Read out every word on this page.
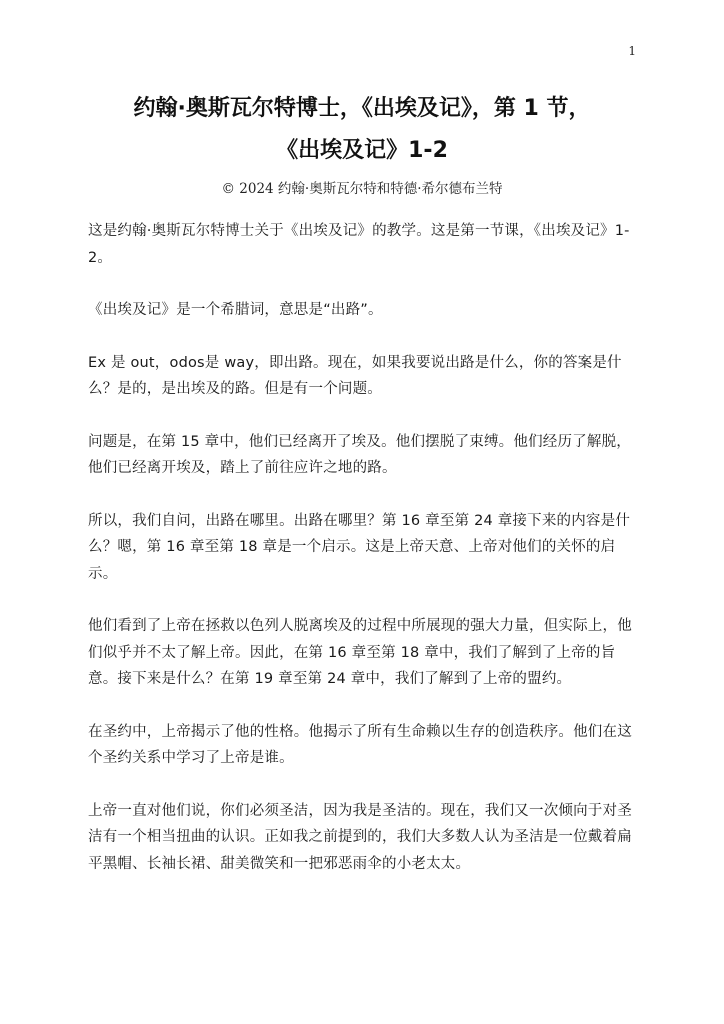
1
约翰·奥斯瓦尔特博士，《出埃及记》，第 1 节，
《出埃及记》1-2
© 2024 约翰·奥斯瓦尔特和特德·希尔德布兰特

这是约翰·奥斯瓦尔特博士关于《出埃及记》的教学。这是第一节课，《出埃及记》1-2。

《出埃及记》是一个希腊词，意思是“出路”。

Ex 是 out，odos是 way，即出路。现在，如果我要说出路是什么，你的答案是什么？是的，是出埃及的路。但是有一个问题。

问题是，在第 15 章中，他们已经离开了埃及。他们摆脱了束缚。他们经历了解脱，他们已经离开埃及，踏上了前往应许之地的路。

所以，我们自问，出路在哪里。出路在哪里？第 16 章至第 24 章接下来的内容是什么？嗯，第 16 章至第 18 章是一个启示。这是上帝天意、上帝对他们的关怀的启示。

他们看到了上帝在拯救以色列人脱离埃及的过程中所展现的强大力量，但实际上，他们似乎并不太了解上帝。因此，在第 16 章至第 18 章中，我们了解到了上帝的旨意。接下来是什么？在第 19 章至第 24 章中，我们了解到了上帝的盟约。

在圣约中，上帝揭示了他的性格。他揭示了所有生命赖以生存的创造秩序。他们在这个圣约关系中学习了上帝是谁。

上帝一直对他们说，你们必须圣洁，因为我是圣洁的。现在，我们又一次倾向于对圣洁有一个相当扭曲的认识。正如我之前提到的，我们大多数人认为圣洁是一位戴着扁平黑帽、长袖长裙、甜美微笑和一把邪恶雨伞的小老太太。
